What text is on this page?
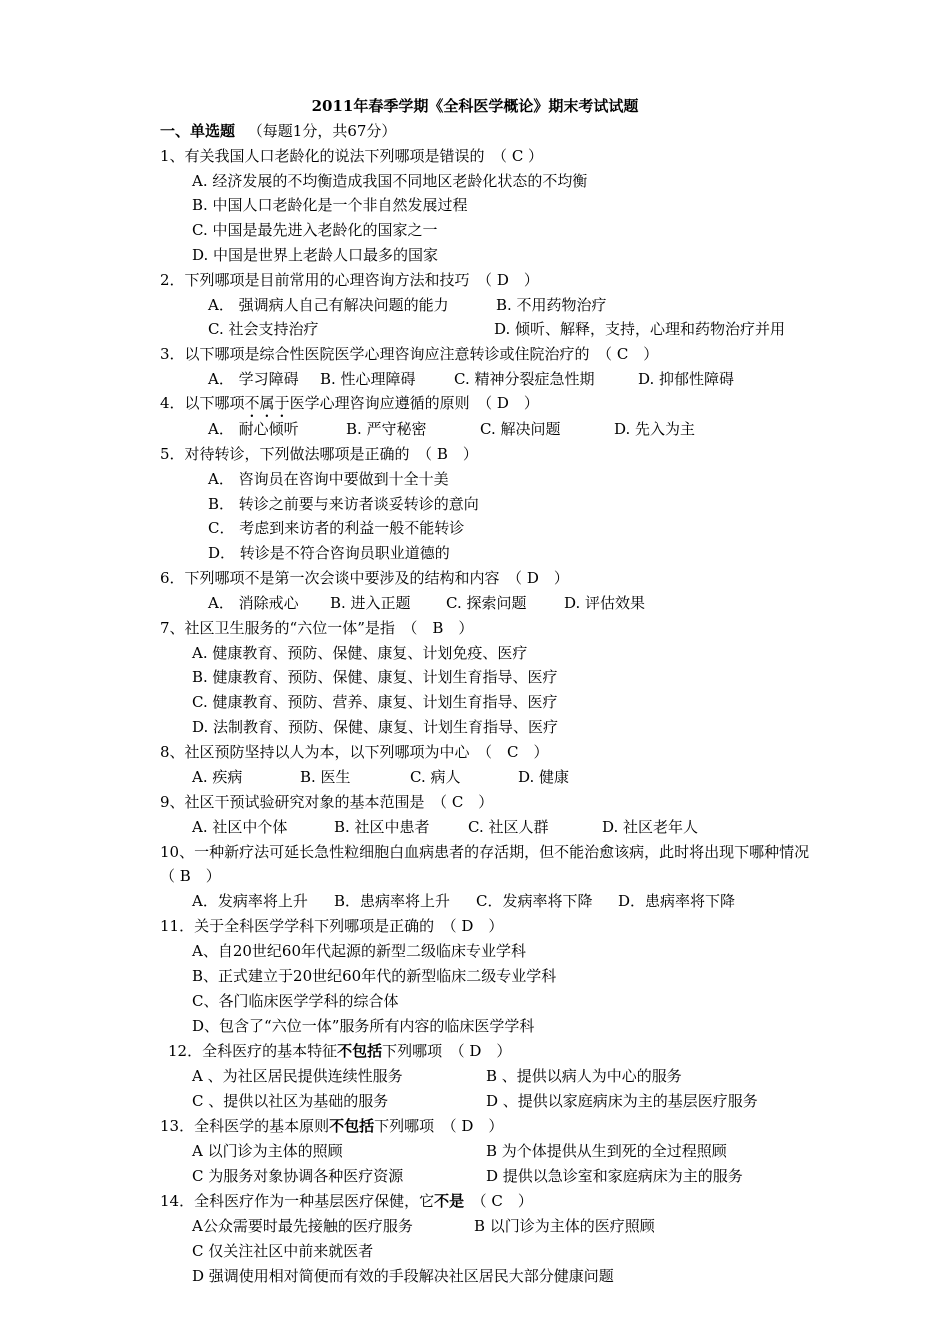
2011年春季学期《全科医学概论》期末考试试题
一、单选题 （每题1分，共67分）
1、有关我国人口老龄化的说法下列哪项是错误的　（ C ）
A. 经济发展的不均衡造成我国不同地区老龄化状态的不均衡
B. 中国人口老龄化是一个非自然发展过程
C. 中国是最先进入老龄化的国家之一
D. 中国是世界上老龄人口最多的国家
2．下列哪项是目前常用的心理咨询方法和技巧　（ D　）
A． 强调病人自己有解决问题的能力	B. 不用药物治疗
C. 社会支持治疗	D. 倾听、解释，支持，心理和药物治疗并用
3．以下哪项是综合性医院医学心理咨询应注意转诊或住院治疗的　（ C　）
A． 学习障碍 B. 性心理障碍	C. 精神分裂症急性期	D. 抑郁性障碍
4．以下哪项不属于医学心理咨询应遵循的原则　（ D　）
A． 耐心倾听	B. 严守秘密	C. 解决问题	D. 先入为主
5．对待转诊，下列做法哪项是正确的　（ B　）
A． 咨询员在咨询中要做到十全十美
B． 转诊之前要与来访者谈妥转诊的意向
C． 考虑到来访者的利益一般不能转诊
D． 转诊是不符合咨询员职业道德的
6．下列哪项不是第一次会谈中要涉及的结构和内容　（ D　）
A． 消除戒心 B. 进入正题 C. 探索问题	D. 评估效果
7、社区卫生服务的“六位一体”是指　（　B　）
A. 健康教育、预防、保健、康复、计划免疫、医疗
B. 健康教育、预防、保健、康复、计划生育指导、医疗
C. 健康教育、预防、营养、康复、计划生育指导、医疗
D. 法制教育、预防、保健、康复、计划生育指导、医疗
8、社区预防坚持以人为本，以下列哪项为中心　（　C　）
A. 疾病	B. 医生	C. 病人	D. 健康
9、社区干预试验研究对象的基本范围是　（ C　）
A. 社区中个体	B. 社区中患者	C. 社区人群	D. 社区老年人
10、一种新疗法可延长急性粒细胞白血病患者的存活期，但不能治愈该病，此时将出现下哪种情况
（ B　）
A．发病率将上升 B．患病率将上升 C．发病率将下降 D．患病率将下降
11．关于全科医学学科下列哪项是正确的　（ D　）
A、自20世纪60年代起源的新型二级临床专业学科
B、正式建立于20世纪60年代的新型临床二级专业学科
C、各门临床医学学科的综合体
D、包含了“六位一体”服务所有内容的临床医学学科
12．全科医疗的基本特征不包括下列哪项　（ D　）
A 、为社区居民提供连续性服务	B 、提供以病人为中心的服务
C 、提供以社区为基础的服务	D 、提供以家庭病床为主的基层医疗服务
13．全科医学的基本原则不包括下列哪项　（ D　）
A 以门诊为主体的照顾	B 为个体提供从生到死的全过程照顾
C 为服务对象协调各种医疗资源	D 提供以急诊室和家庭病床为主的服务
14．全科医疗作为一种基层医疗保健，它不是　（ C　）
A公众需要时最先接触的医疗服务	B 以门诊为主体的医疗照顾
C 仅关注社区中前来就医者
D 强调使用相对简便而有效的手段解决社区居民大部分健康问题
